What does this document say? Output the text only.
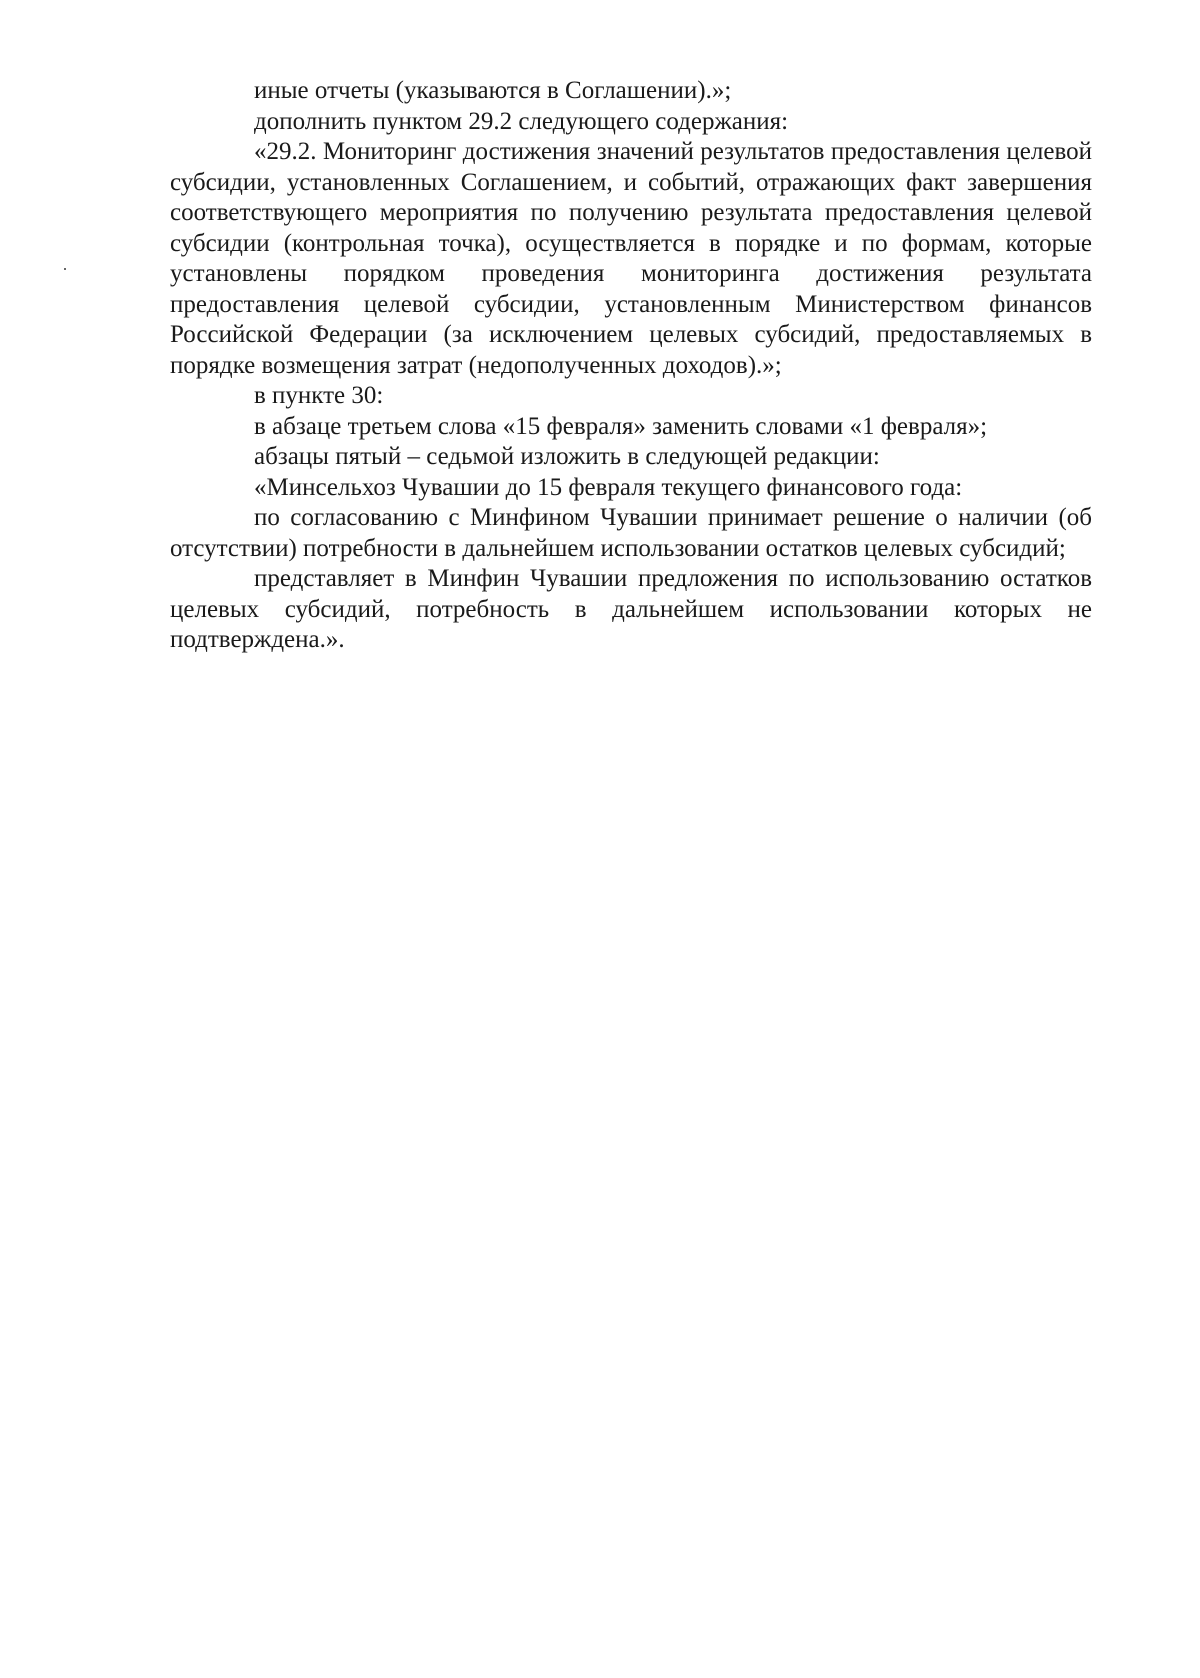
иные отчеты (указываются в Соглашении).»;

дополнить пунктом 29.2 следующего содержания:

«29.2. Мониторинг достижения значений результатов предоставления целевой субсидии, установленных Соглашением, и событий, отражающих факт завершения соответствующего мероприятия по получению результата предоставления целевой субсидии (контрольная точка), осуществляется в порядке и по формам, которые установлены порядком проведения мониторинга достижения результата предоставления целевой субсидии, установленным Министерством финансов Российской Федерации (за исключением целевых субсидий, предоставляемых в порядке возмещения затрат (недополученных доходов).»;

в пункте 30:

в абзаце третьем слова «15 февраля» заменить словами «1 февраля»;

абзацы пятый – седьмой изложить в следующей редакции:

«Минсельхоз Чувашии до 15 февраля текущего финансового года:

по согласованию с Минфином Чувашии принимает решение о наличии (об отсутствии) потребности в дальнейшем использовании остатков целевых субсидий;

представляет в Минфин Чувашии предложения по использованию остатков целевых субсидий, потребность в дальнейшем использовании которых не подтверждена.».
